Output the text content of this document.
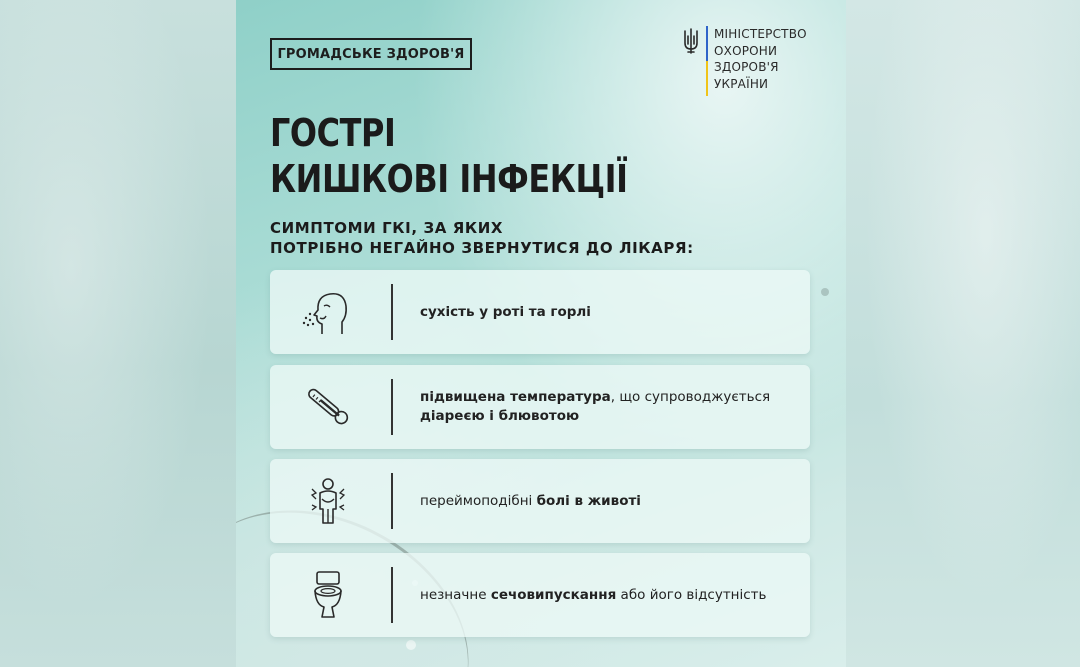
ГРОМАДСЬКЕ ЗДОРОВ'Я
МІНІСТЕРСТВО
ОХОРОНИ
ЗДОРОВ'Я
УКРАЇНИ
ГОСТРІ
КИШКОВІ ІНФЕКЦІЇ
СИМПТОМИ ГКІ, ЗА ЯКИХ
ПОТРІБНО НЕГАЙНО ЗВЕРНУТИСЯ ДО ЛІКАРЯ:
сухість у роті та горлі
підвищена температура, що супроводжується
діареєю і блювотою
переймоподібні болі в животі
незначне сечовипускання або його відсутність
